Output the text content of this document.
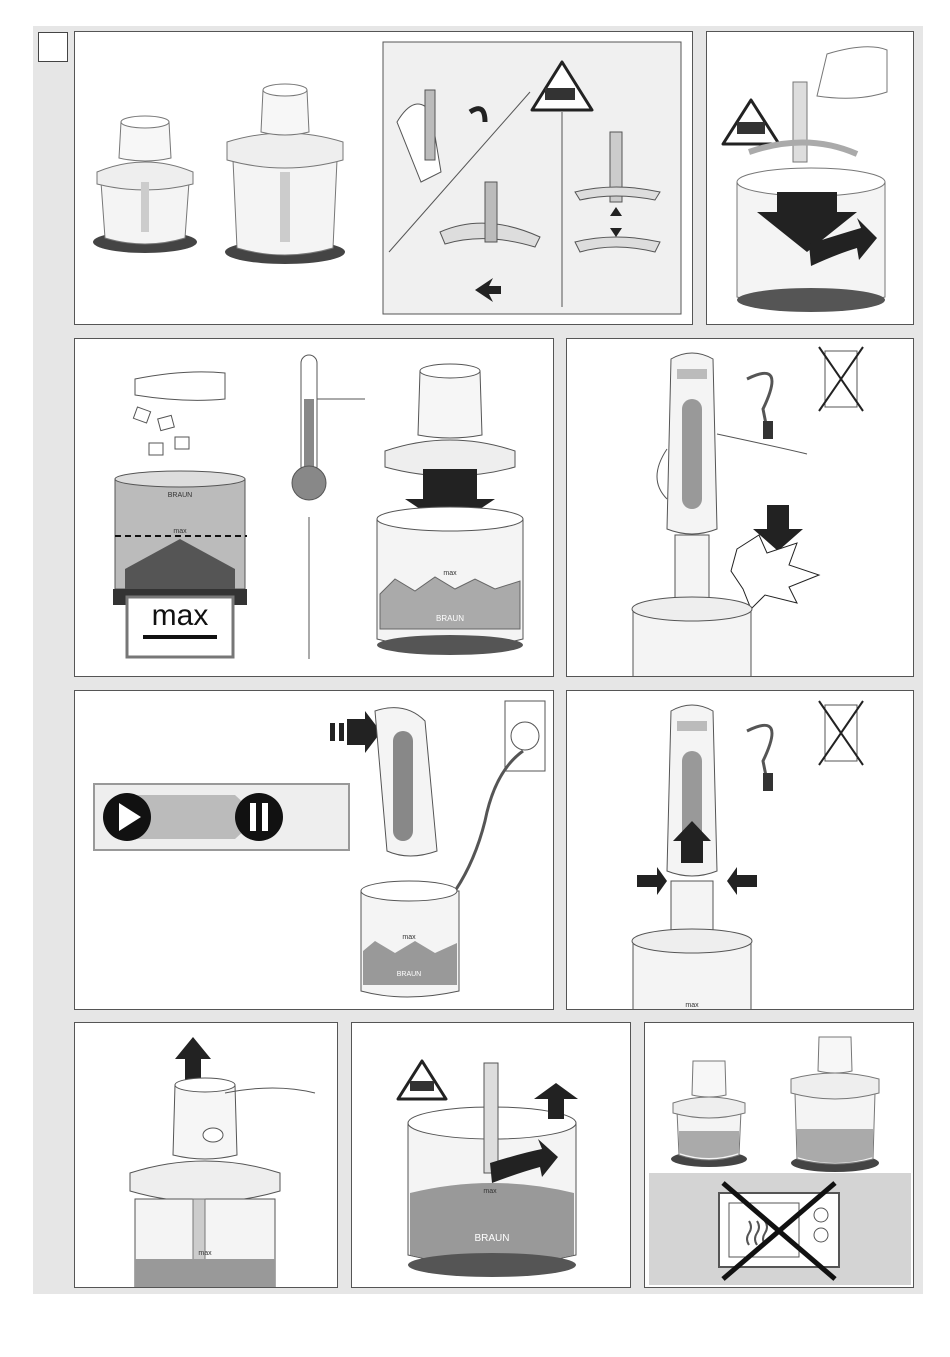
BRAUN
max
max
max
BRAUN
max
BRAUN
max
max
max
BRAUN
